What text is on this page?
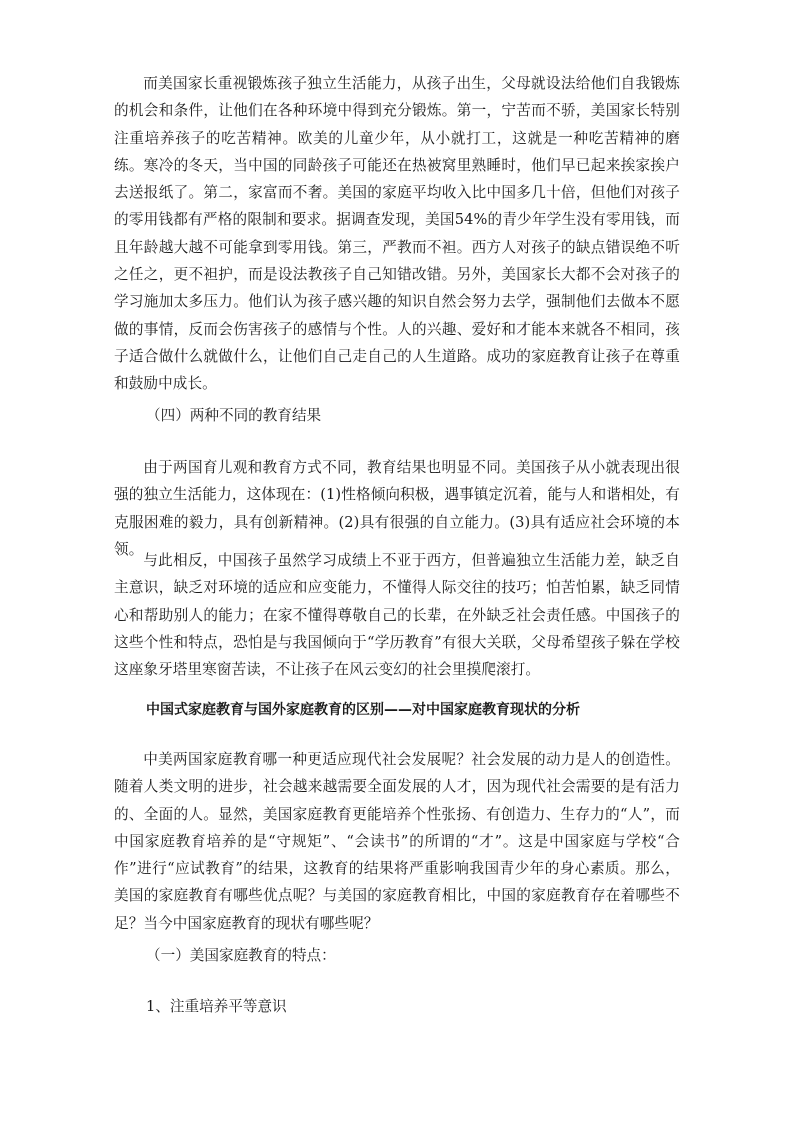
而美国家长重视锻炼孩子独立生活能力，从孩子出生，父母就设法给他们自我锻炼的机会和条件，让他们在各种环境中得到充分锻炼。第一，宁苦而不骄，美国家长特别注重培养孩子的吃苦精神。欧美的儿童少年，从小就打工，这就是一种吃苦精神的磨练。寒冷的冬天，当中国的同龄孩子可能还在热被窝里熟睡时，他们早已起来挨家挨户去送报纸了。第二，家富而不奢。美国的家庭平均收入比中国多几十倍，但他们对孩子的零用钱都有严格的限制和要求。据调查发现，美国54%的青少年学生没有零用钱，而且年龄越大越不可能拿到零用钱。第三，严教而不袒。西方人对孩子的缺点错误绝不听之任之，更不袒护，而是设法教孩子自己知错改错。另外，美国家长大都不会对孩子的学习施加太多压力。他们认为孩子感兴趣的知识自然会努力去学，强制他们去做本不愿做的事情，反而会伤害孩子的感情与个性。人的兴趣、爱好和才能本来就各不相同，孩子适合做什么就做什么，让他们自己走自己的人生道路。成功的家庭教育让孩子在尊重和鼓励中成长。

（四）两种不同的教育结果

由于两国育儿观和教育方式不同，教育结果也明显不同。美国孩子从小就表现出很强的独立生活能力，这体现在：(1)性格倾向积极，遇事镇定沉着，能与人和谐相处，有克服困难的毅力，具有创新精神。(2)具有很强的自立能力。(3)具有适应社会环境的本领。

与此相反，中国孩子虽然学习成绩上不亚于西方，但普遍独立生活能力差，缺乏自主意识，缺乏对环境的适应和应变能力，不懂得人际交往的技巧；怕苦怕累，缺乏同情心和帮助别人的能力；在家不懂得尊敬自己的长辈，在外缺乏社会责任感。中国孩子的这些个性和特点，恐怕是与我国倾向于“学历教育”有很大关联，父母希望孩子躲在学校这座象牙塔里寒窗苦读，不让孩子在风云变幻的社会里摸爬滚打。

中国式家庭教育与国外家庭教育的区别——对中国家庭教育现状的分析

中美两国家庭教育哪一种更适应现代社会发展呢？社会发展的动力是人的创造性。随着人类文明的进步，社会越来越需要全面发展的人才，因为现代社会需要的是有活力的、全面的人。显然，美国家庭教育更能培养个性张扬、有创造力、生存力的“人”，而中国家庭教育培养的是“守规矩”、“会读书”的所谓的“才”。这是中国家庭与学校“合作”进行“应试教育”的结果，这教育的结果将严重影响我国青少年的身心素质。那么，美国的家庭教育有哪些优点呢？与美国的家庭教育相比，中国的家庭教育存在着哪些不足？当今中国家庭教育的现状有哪些呢？

（一）美国家庭教育的特点：

1、注重培养平等意识
